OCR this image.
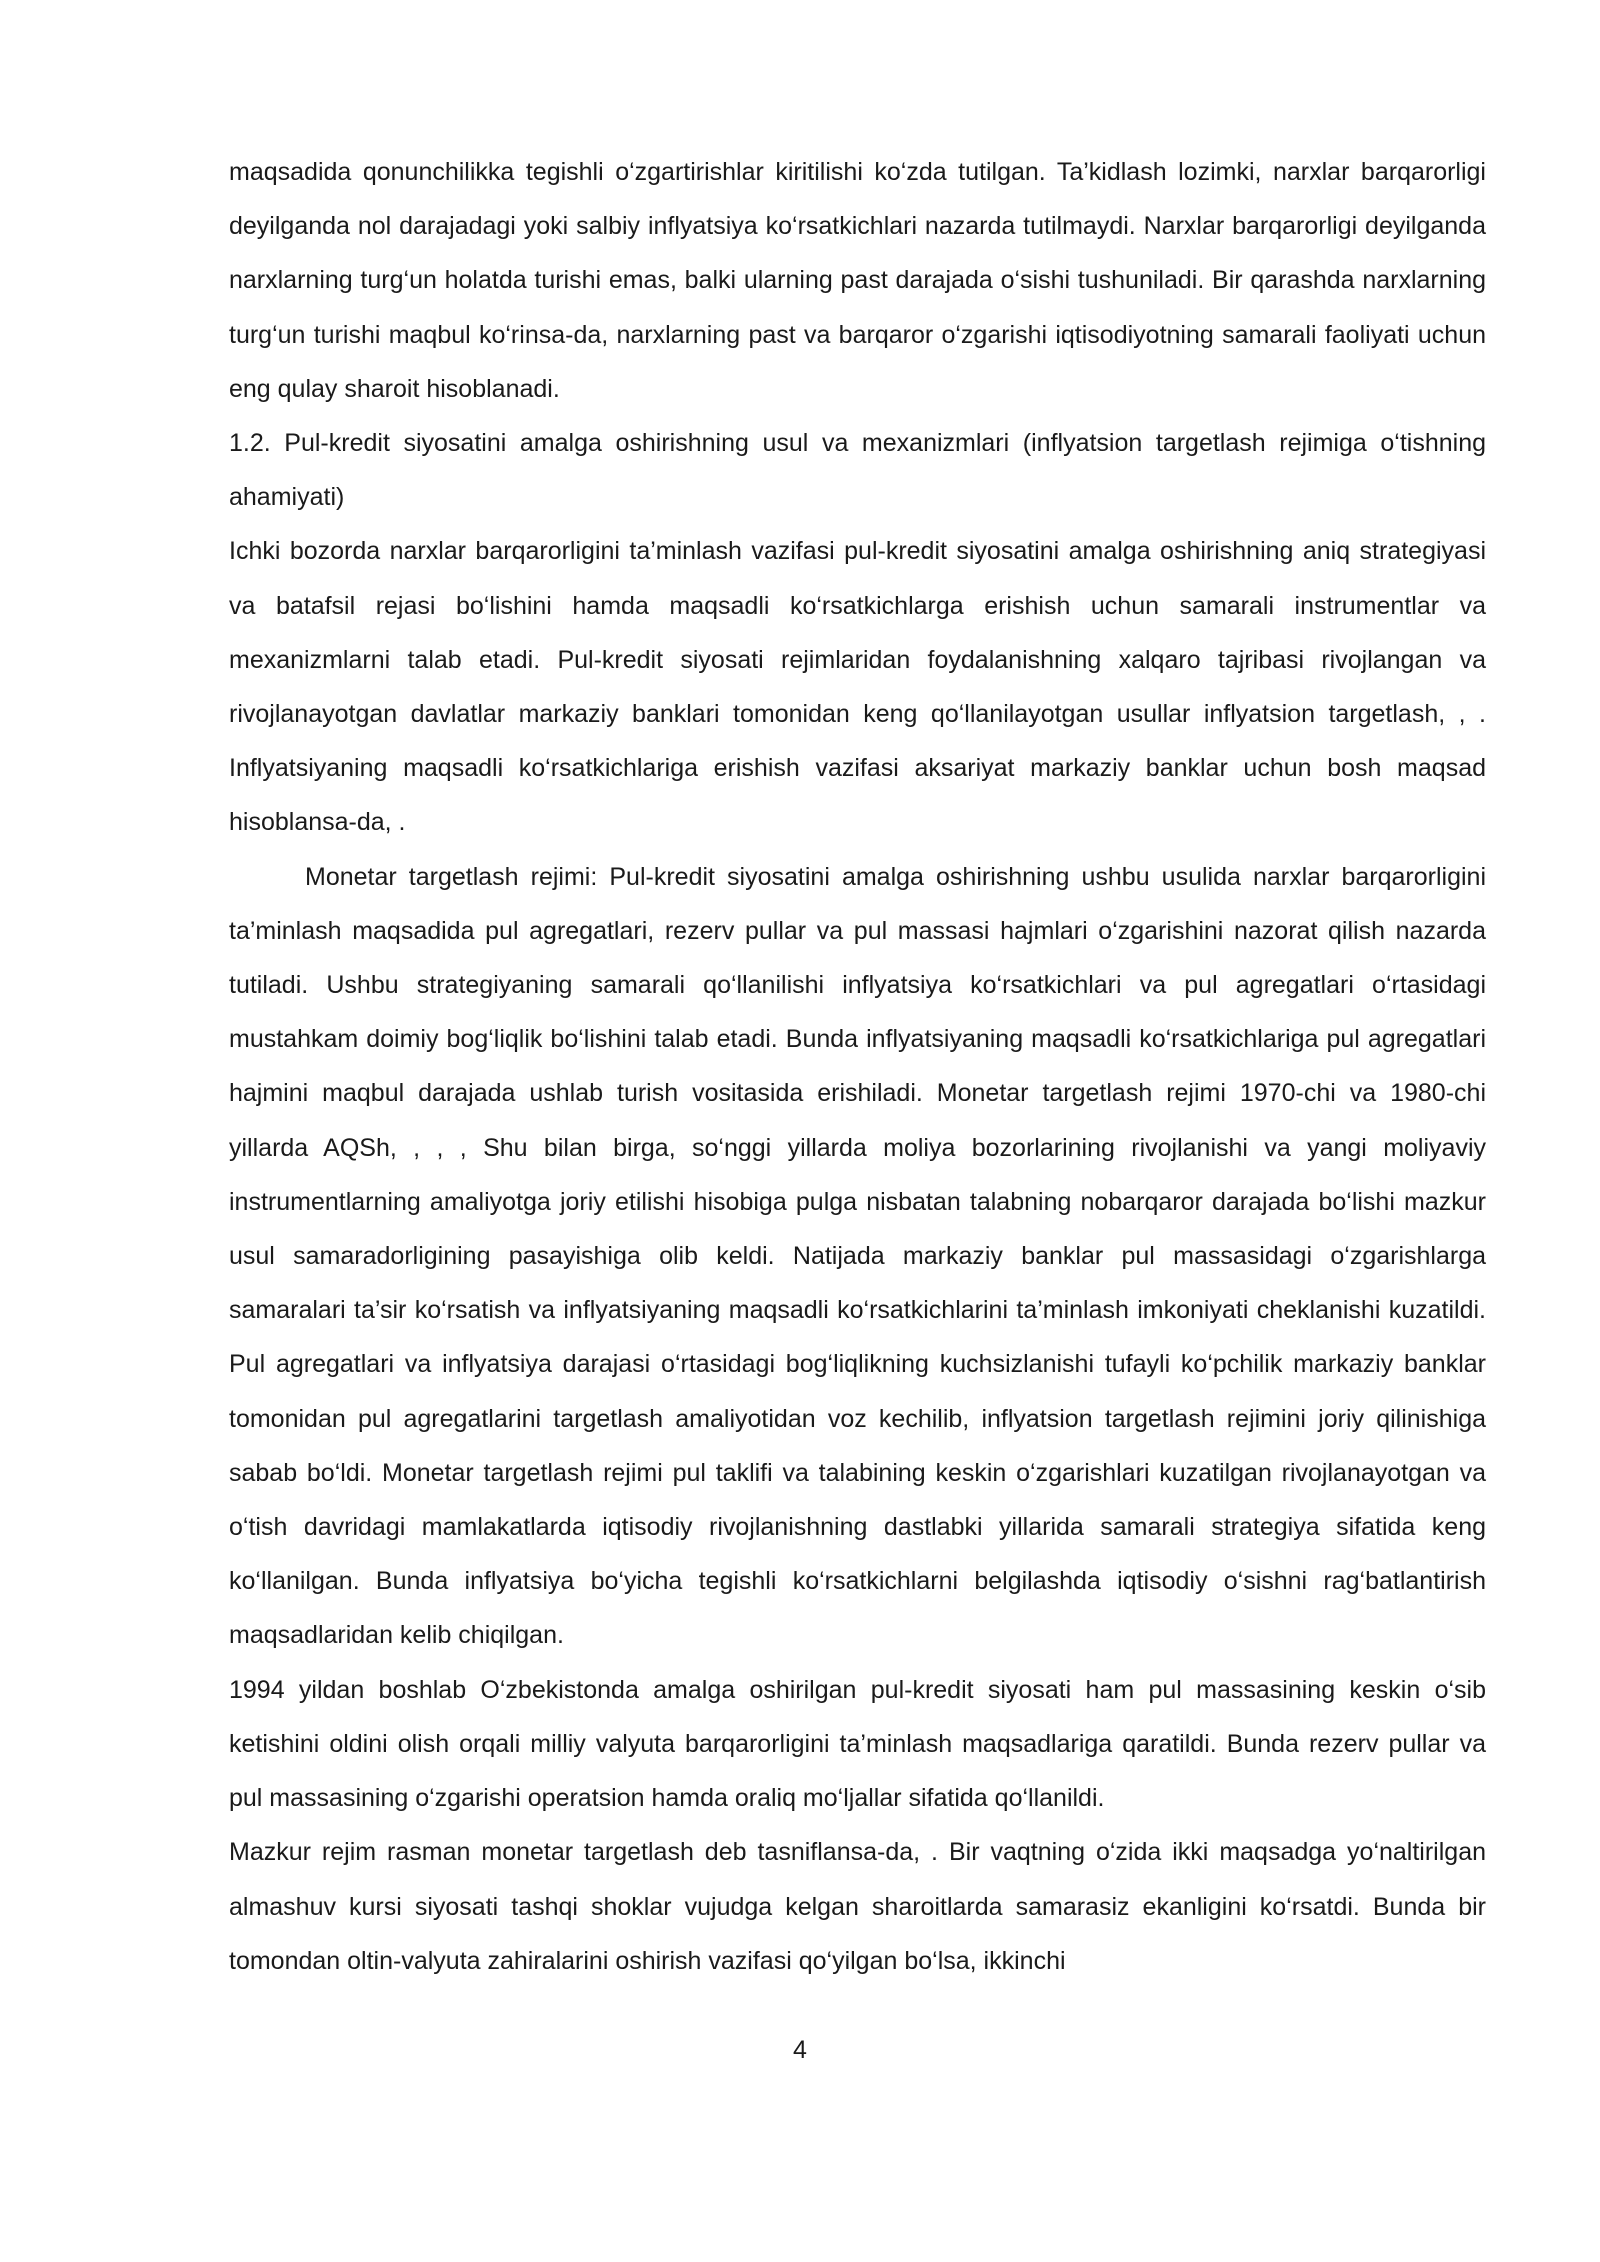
maqsadida qonunchilikka tegishli o‘zgartirishlar kiritilishi ko‘zda tutilgan. Ta’kidlash lozimki, narxlar barqarorligi deyilganda nol darajadagi yoki salbiy inflyatsiya ko‘rsatkichlari nazarda tutilmaydi. Narxlar barqarorligi deyilganda narxlarning turg‘un holatda turishi emas, balki ularning past darajada o‘sishi tushuniladi. Bir qarashda narxlarning turg‘un turishi maqbul ko‘rinsa-da, narxlarning past va barqaror o‘zgarishi iqtisodiyotning samarali faoliyati uchun eng qulay sharoit hisoblanadi.

1.2. Pul-kredit siyosatini amalga oshirishning usul va mexanizmlari (inflyatsion targetlash rejimiga o‘tishning ahamiyati)

Ichki bozorda narxlar barqarorligini ta’minlash vazifasi pul-kredit siyosatini amalga oshirishning aniq strategiyasi va batafsil rejasi bo‘lishini hamda maqsadli ko‘rsatkichlarga erishish uchun samarali instrumentlar va mexanizmlarni talab etadi. Pul-kredit siyosati rejimlaridan foydalanishning xalqaro tajribasi rivojlangan va rivojlanayotgan davlatlar markaziy banklari tomonidan keng qo‘llanilayotgan usullar inflyatsion targetlash, , . Inflyatsiyaning maqsadli ko‘rsatkichlariga erishish vazifasi aksariyat markaziy banklar uchun bosh maqsad hisoblansa-da, .

Monetar targetlash rejimi: Pul-kredit siyosatini amalga oshirishning ushbu usulida narxlar barqarorligini ta’minlash maqsadida pul agregatlari, rezerv pullar va pul massasi hajmlari o‘zgarishini nazorat qilish nazarda tutiladi. Ushbu strategiyaning samarali qo‘llanilishi inflyatsiya ko‘rsatkichlari va pul agregatlari o‘rtasidagi mustahkam doimiy bog‘liqlik bo‘lishini talab etadi. Bunda inflyatsiyaning maqsadli ko‘rsatkichlariga pul agregatlari hajmini maqbul darajada ushlab turish vositasida erishiladi. Monetar targetlash rejimi 1970-chi va 1980-chi yillarda AQSh, , , , Shu bilan birga, so‘nggi yillarda moliya bozorlarining rivojlanishi va yangi moliyaviy instrumentlarning amaliyotga joriy etilishi hisobiga pulga nisbatan talabning nobarqaror darajada bo‘lishi mazkur usul samaradorligining pasayishiga olib keldi. Natijada markaziy banklar pul massasidagi o‘zgarishlarga samaralari ta’sir ko‘rsatish va inflyatsiyaning maqsadli ko‘rsatkichlarini ta’minlash imkoniyati cheklanishi kuzatildi. Pul agregatlari va inflyatsiya darajasi o‘rtasidagi bog‘liqlikning kuchsizlanishi tufayli ko‘pchilik markaziy banklar tomonidan pul agregatlarini targetlash amaliyotidan voz kechilib, inflyatsion targetlash rejimini joriy qilinishiga sabab bo‘ldi. Monetar targetlash rejimi pul taklifi va talabining keskin o‘zgarishlari kuzatilgan rivojlanayotgan va o‘tish davridagi mamlakatlarda iqtisodiy rivojlanishning dastlabki yillarida samarali strategiya sifatida keng ko‘llanilgan. Bunda inflyatsiya bo‘yicha tegishli ko‘rsatkichlarni belgilashda iqtisodiy o‘sishni rag‘batlantirish maqsadlaridan kelib chiqilgan.

1994 yildan boshlab O‘zbekistonda amalga oshirilgan pul-kredit siyosati ham pul massasining keskin o‘sib ketishini oldini olish orqali milliy valyuta barqarorligini ta’minlash maqsadlariga qaratildi. Bunda rezerv pullar va pul massasining o‘zgarishi operatsion hamda oraliq mo‘ljallar sifatida qo‘llanildi.

Mazkur rejim rasman monetar targetlash deb tasniflansa-da, . Bir vaqtning o‘zida ikki maqsadga yo‘naltirilgan almashuv kursi siyosati tashqi shoklar vujudga kelgan sharoitlarda samarasiz ekanligini ko‘rsatdi. Bunda bir tomondan oltin-valyuta zahiralarini oshirish vazifasi qo‘yilgan bo‘lsa, ikkinchi

4
